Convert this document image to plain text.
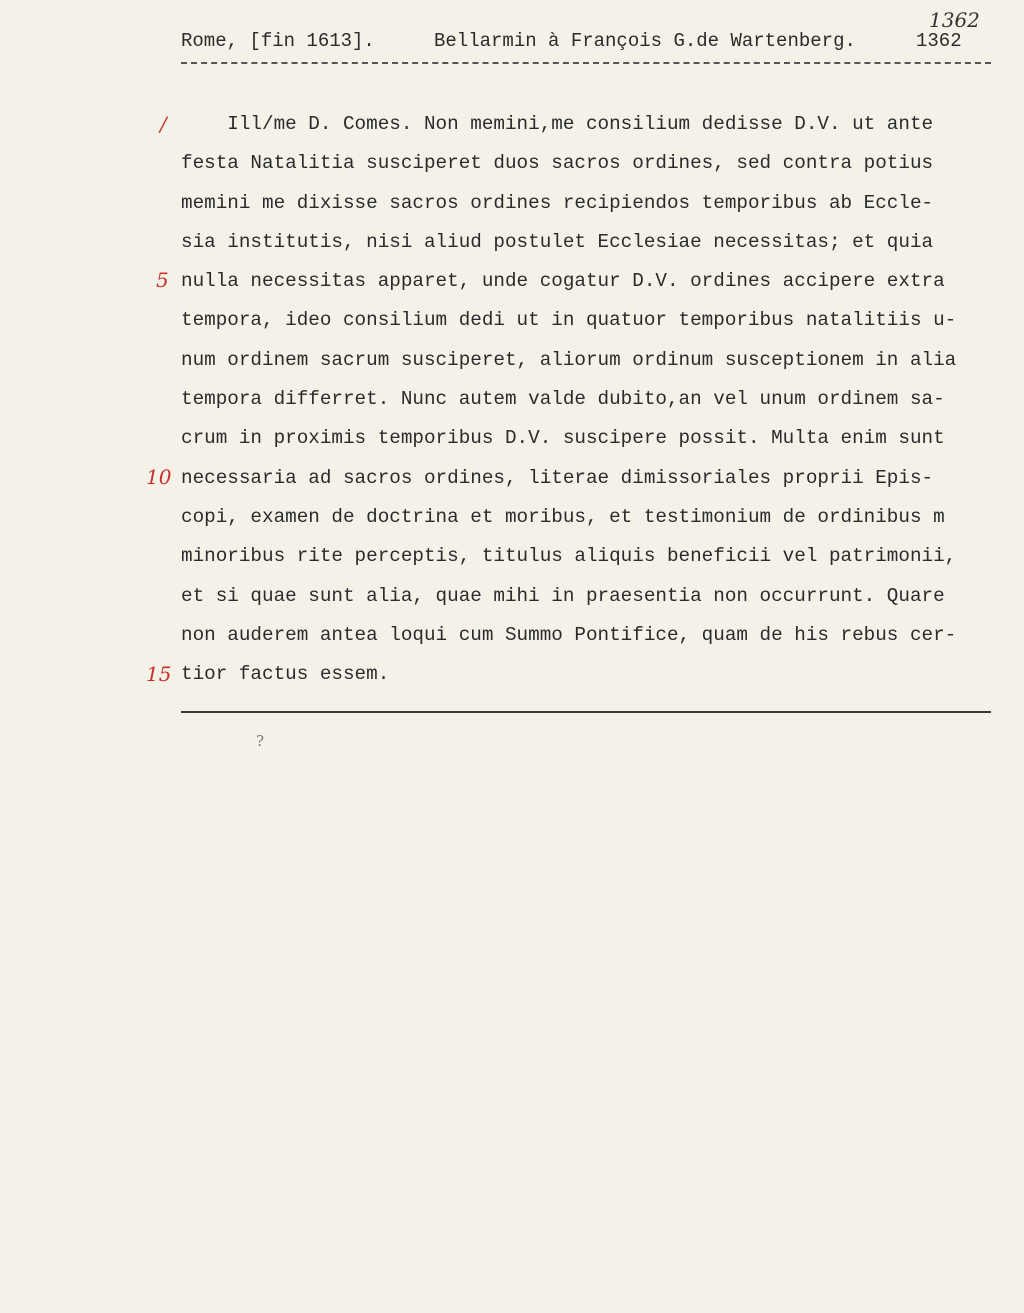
Rome, [fin 1613].

	Bellarmin à François G.de Wartenberg.

	1362

1362

Ill/me D. Comes. Non memini,me consilium dedisse D.V. ut ante
festa Natalitia susciperet duos sacros ordines, sed contra potius
memini me dixisse sacros ordines recipiendos temporibus ab Eccle-
sia institutis, nisi aliud postulet Ecclesiae necessitas; et quia
nulla necessitas apparet, unde cogatur D.V. ordines accipere extra
tempora, ideo consilium dedi ut in quatuor temporibus natalitiis u-
num ordinem sacrum susciperet, aliorum ordinum susceptionem in alia
tempora differret. Nunc autem valde dubito,an vel unum ordinem sa-
crum in proximis temporibus D.V. suscipere possit. Multa enim sunt
necessaria ad sacros ordines, literae dimissoriales proprii Epis-
copi, examen de doctrina et moribus, et testimonium de ordinibus m
minoribus rite perceptis, titulus aliquis beneficii vel patrimonii,
et si quae sunt alia, quae mihi in praesentia non occurrunt. Quare
non auderem antea loqui cum Summo Pontifice, quam de his rebus cer-
tior factus essem.
/
5
10
15
?
